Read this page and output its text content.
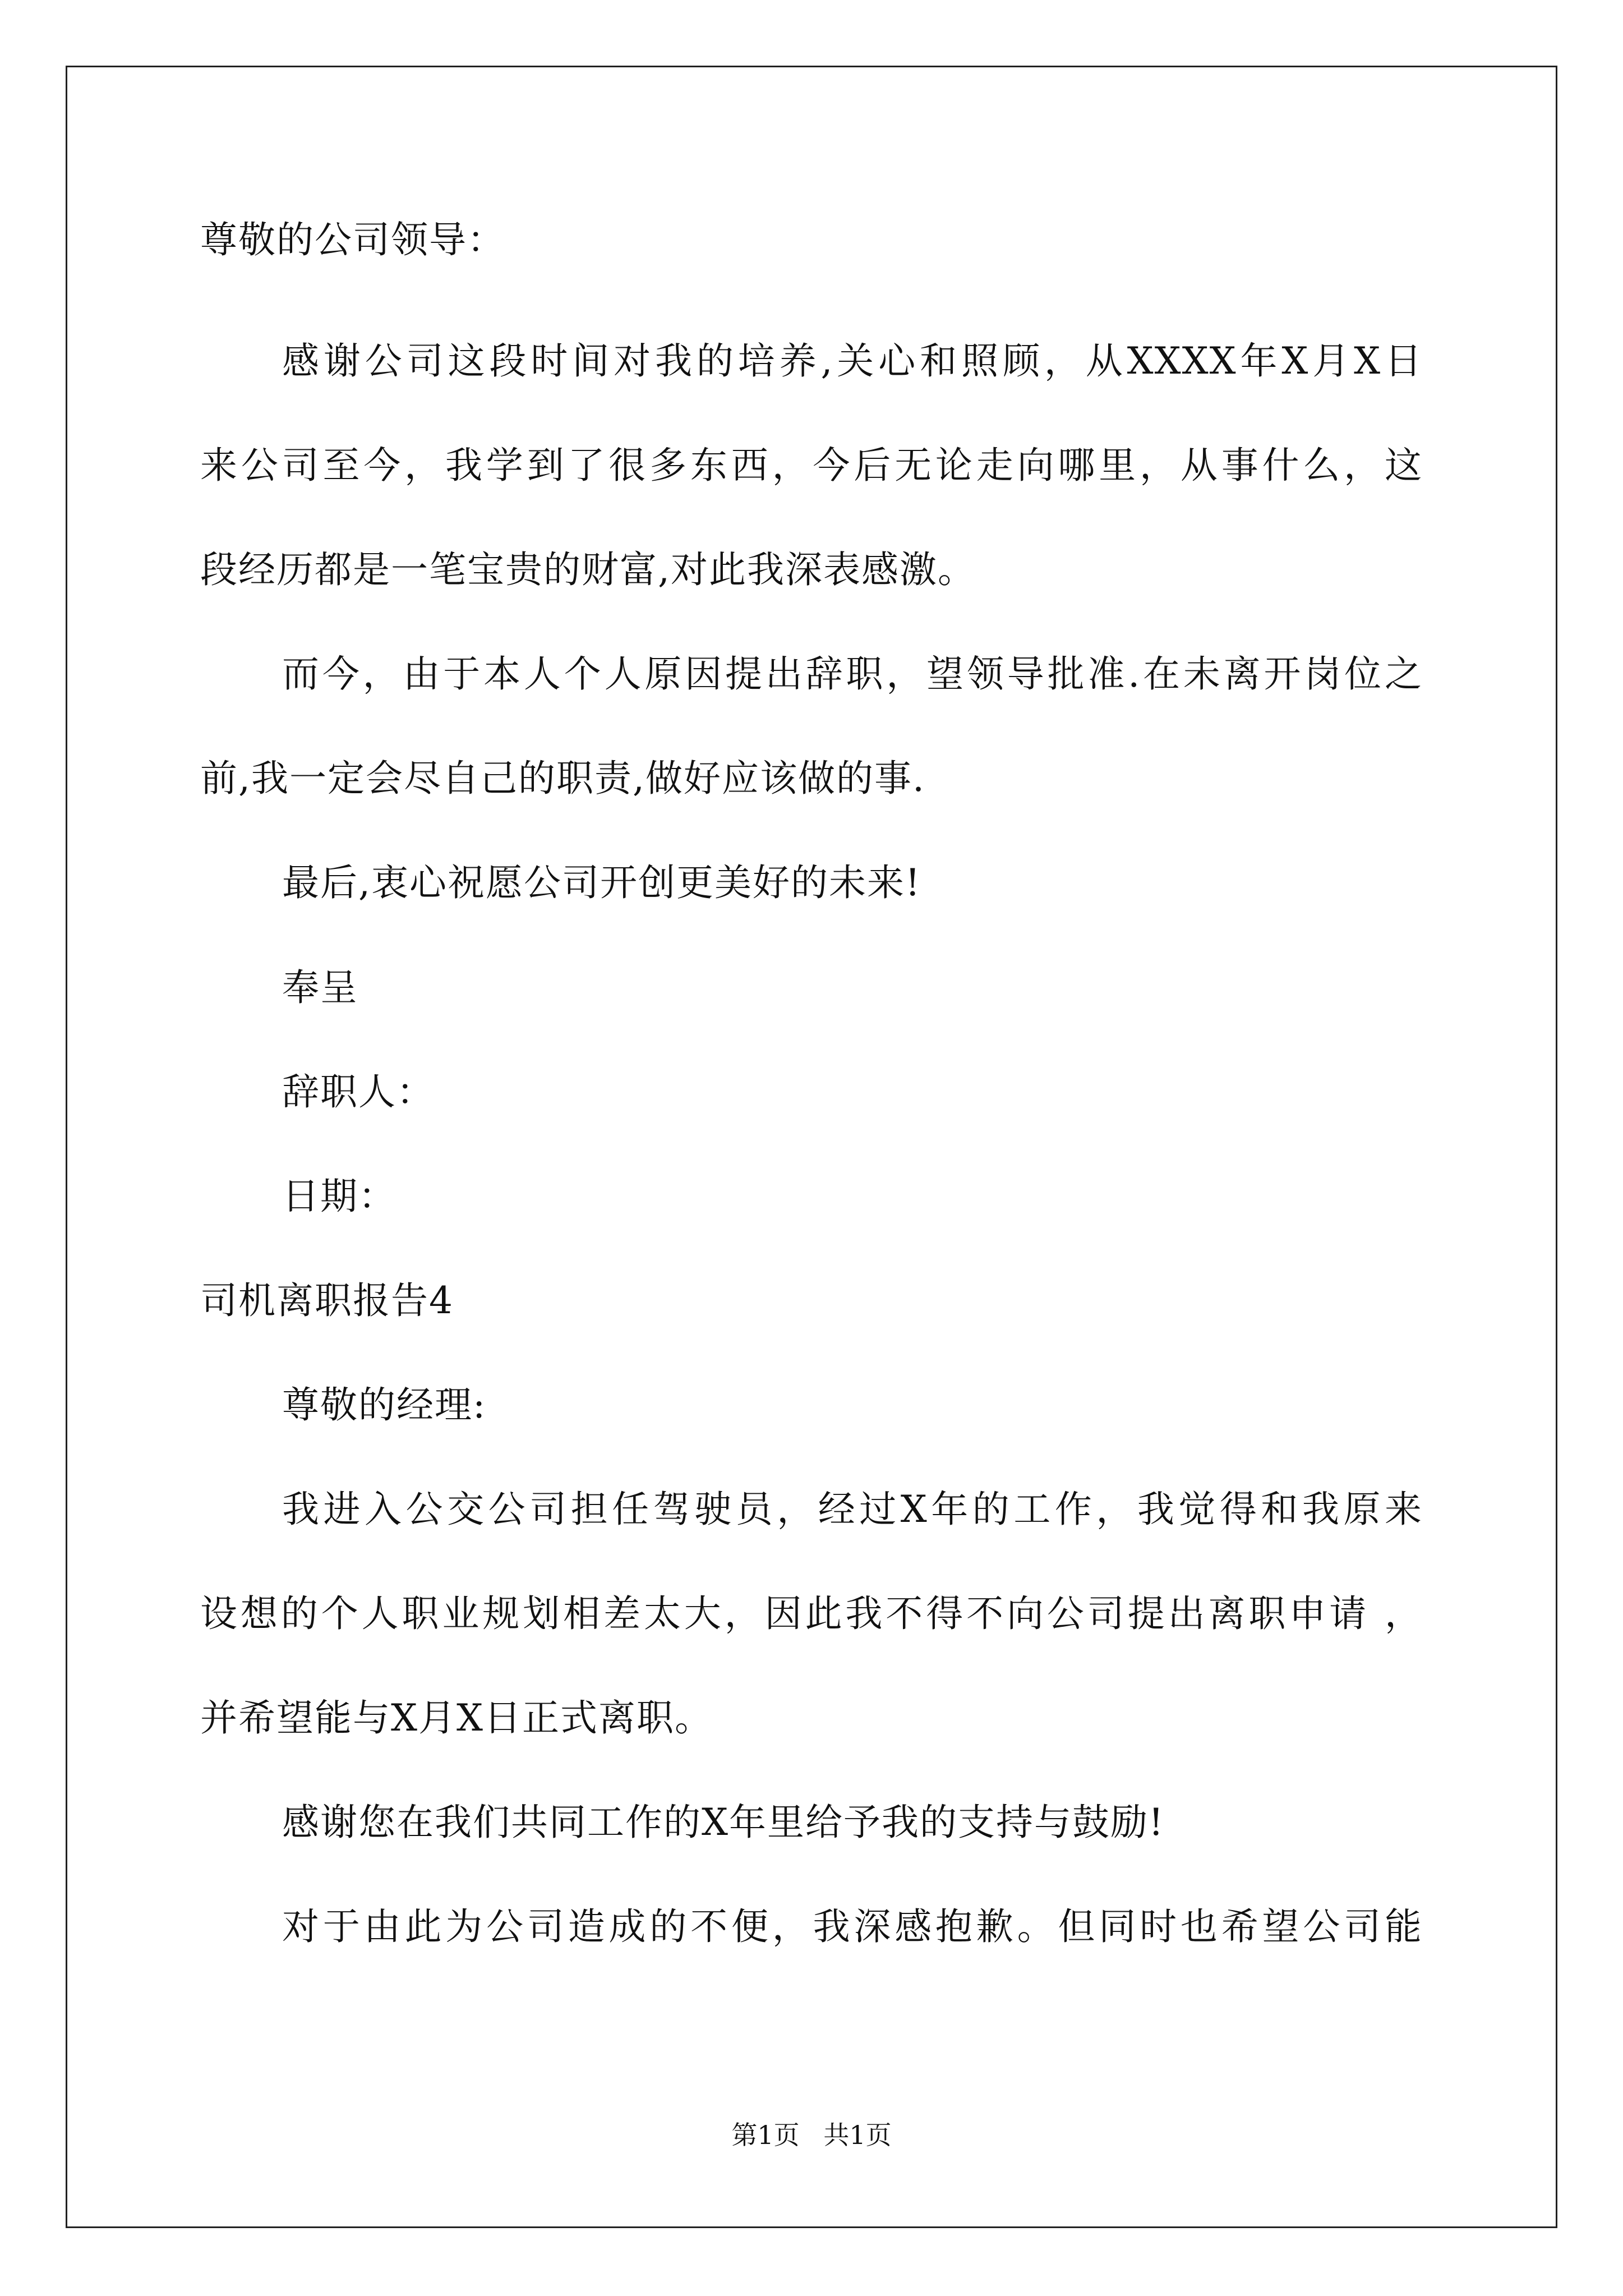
尊敬的公司领导：
感谢公司这段时间对我的培养,关心和照顾，从XXXX年X月X日
来公司至今，我学到了很多东西，今后无论走向哪里，从事什么，这
段经历都是一笔宝贵的财富,对此我深表感激。
而今，由于本人个人原因提出辞职，望领导批准.在未离开岗位之
前,我一定会尽自己的职责,做好应该做的事.
最后,衷心祝愿公司开创更美好的未来!
奉呈
辞职人：
日期：
司机离职报告4
尊敬的经理:
我进入公交公司担任驾驶员，经过X年的工作，我觉得和我原来
设想的个人职业规划相差太大，因此我不得不向公司提出离职申请 ，
并希望能与X月X日正式离职。
感谢您在我们共同工作的X年里给予我的支持与鼓励!
对于由此为公司造成的不便，我深感抱歉。但同时也希望公司能
第1页 共1页
